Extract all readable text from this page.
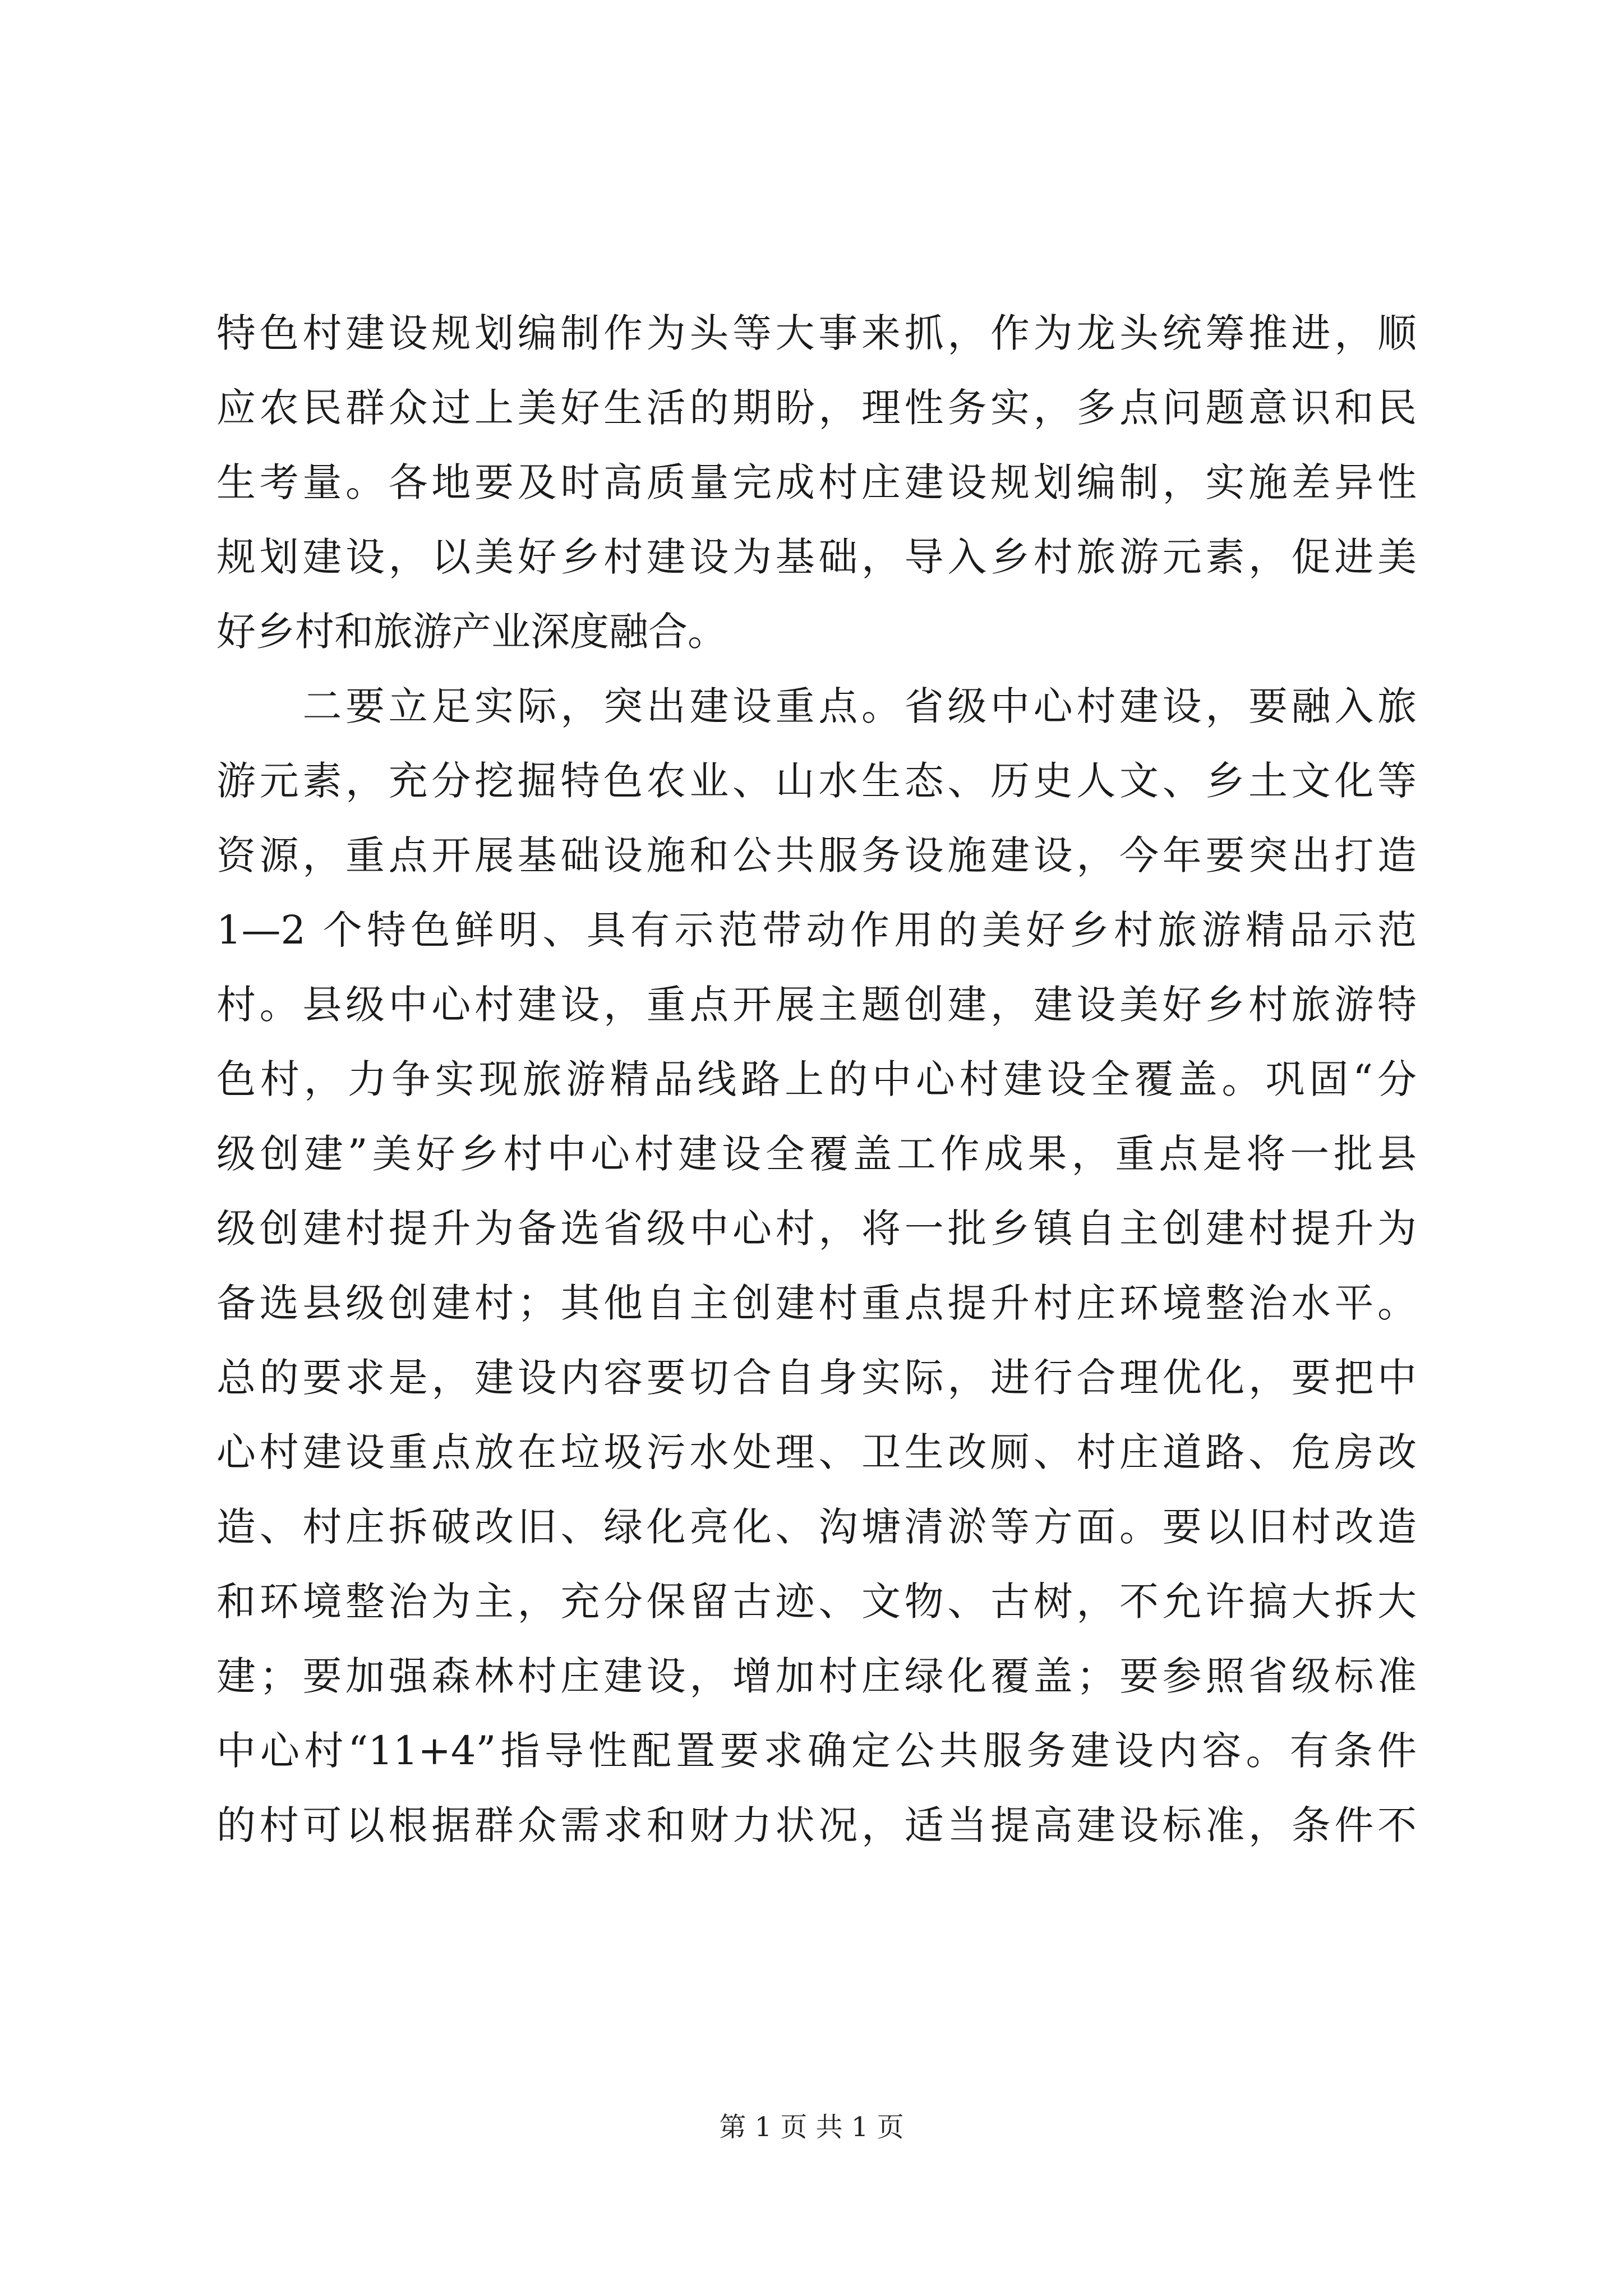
特色村建设规划编制作为头等大事来抓，作为龙头统筹推进，顺
应农民群众过上美好生活的期盼，理性务实，多点问题意识和民
生考量。各地要及时高质量完成村庄建设规划编制，实施差异性
规划建设，以美好乡村建设为基础，导入乡村旅游元素，促进美
好乡村和旅游产业深度融合。
　　二要立足实际，突出建设重点。省级中心村建设，要融入旅
游元素，充分挖掘特色农业、山水生态、历史人文、乡土文化等
资源，重点开展基础设施和公共服务设施建设，今年要突出打造
1—2 个特色鲜明、具有示范带动作用的美好乡村旅游精品示范
村。县级中心村建设，重点开展主题创建，建设美好乡村旅游特
色村，力争实现旅游精品线路上的中心村建设全覆盖。巩固“分
级创建”美好乡村中心村建设全覆盖工作成果，重点是将一批县
级创建村提升为备选省级中心村，将一批乡镇自主创建村提升为
备选县级创建村；其他自主创建村重点提升村庄环境整治水平。
总的要求是，建设内容要切合自身实际，进行合理优化，要把中
心村建设重点放在垃圾污水处理、卫生改厕、村庄道路、危房改
造、村庄拆破改旧、绿化亮化、沟塘清淤等方面。要以旧村改造
和环境整治为主，充分保留古迹、文物、古树，不允许搞大拆大
建；要加强森林村庄建设，增加村庄绿化覆盖；要参照省级标准
中心村“11+4”指导性配置要求确定公共服务建设内容。有条件
的村可以根据群众需求和财力状况，适当提高建设标准，条件不
第 1 页 共 1 页
